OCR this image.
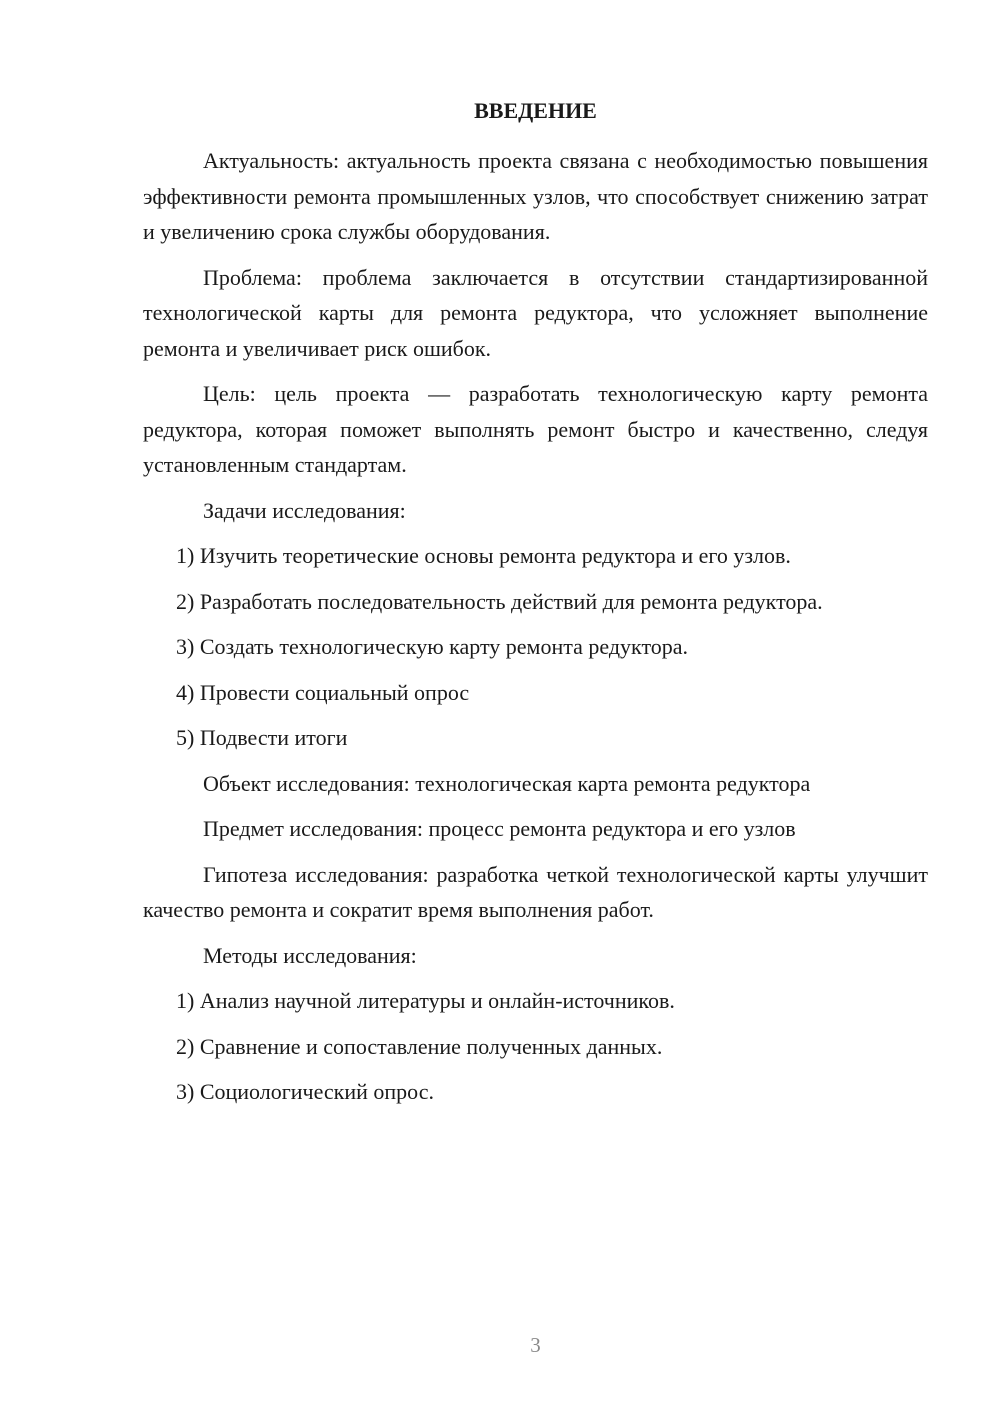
ВВЕДЕНИЕ

Актуальность: актуальность проекта связана с необходимостью повышения эффективности ремонта промышленных узлов, что способствует снижению затрат и увеличению срока службы оборудования.

Проблема: проблема заключается в отсутствии стандартизированной технологической карты для ремонта редуктора, что усложняет выполнение ремонта и увеличивает риск ошибок.

Цель: цель проекта — разработать технологическую карту ремонта редуктора, которая поможет выполнять ремонт быстро и качественно, следуя установленным стандартам.

Задачи исследования:

1) Изучить теоретические основы ремонта редуктора и его узлов.

2) Разработать последовательность действий для ремонта редуктора.

3) Создать технологическую карту ремонта редуктора.

4) Провести социальный опрос

5) Подвести итоги

Объект исследования: технологическая карта ремонта редуктора

Предмет исследования: процесс ремонта редуктора и его узлов

Гипотеза исследования: разработка четкой технологической карты улучшит качество ремонта и сократит время выполнения работ.

Методы исследования:

1) Анализ научной литературы и онлайн-источников.

2) Сравнение и сопоставление полученных данных.

3) Социологический опрос.

3
